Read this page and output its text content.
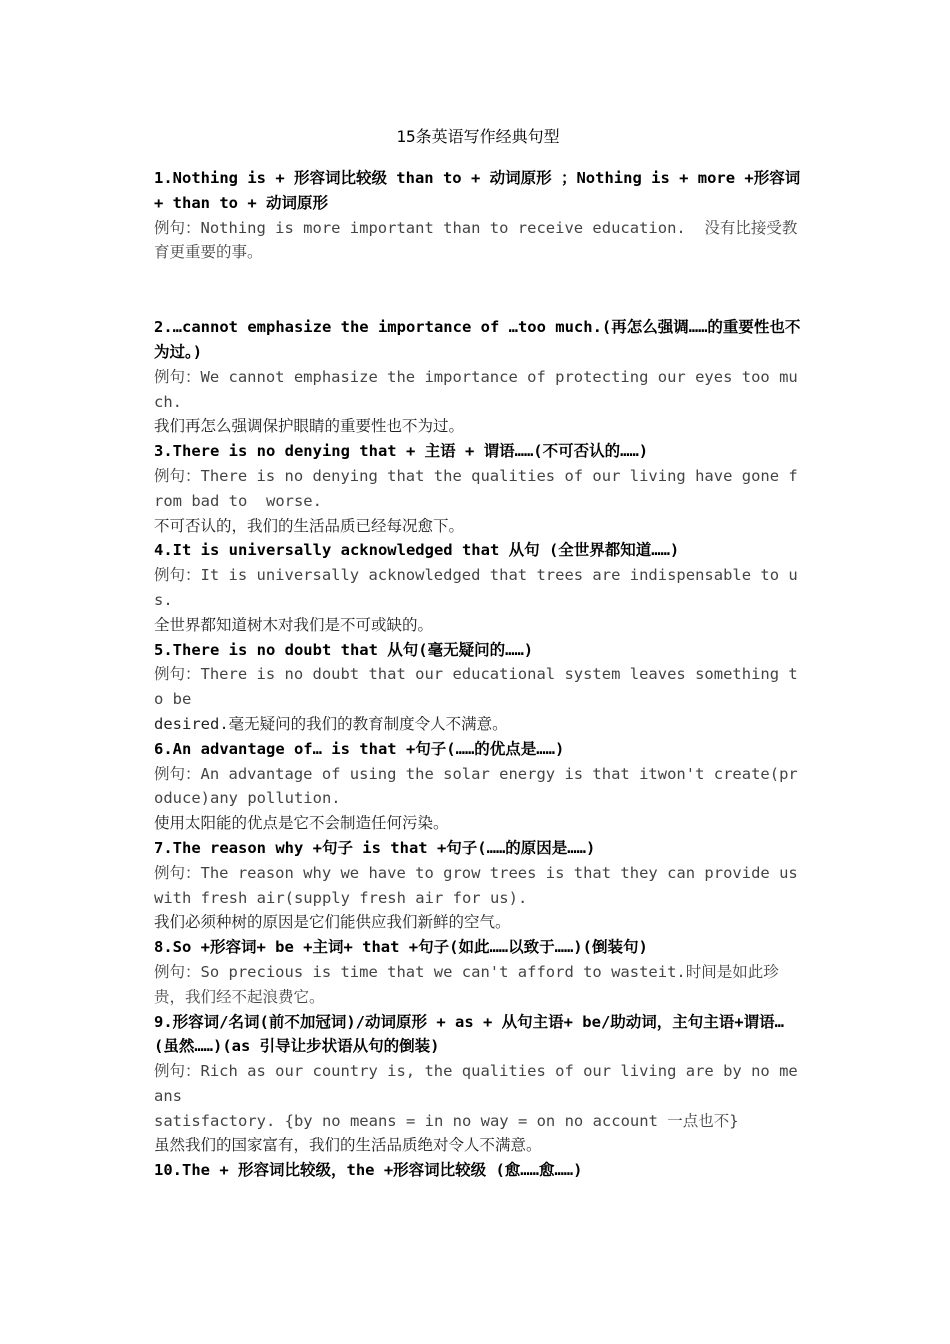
15条英语写作经典句型

1.Nothing is + 形容词比较级 than to + 动词原形 ；Nothing is + more +形容词+ than to + 动词原形

例句：Nothing is more important than to receive education.  没有比接受教育更重要的事。

2.…cannot emphasize the importance of …too much.(再怎么强调……的重要性也不为过。)

例句：We cannot emphasize the importance of protecting our eyes too much.

我们再怎么强调保护眼睛的重要性也不为过。

3.There is no denying that + 主语 + 谓语……(不可否认的……)

例句：There is no denying that the qualities of our living have gone from bad to  worse.

不可否认的，我们的生活品质已经每况愈下。

4.It is universally acknowledged that 从句 (全世界都知道……)

例句：It is universally acknowledged that trees are indispensable to us.

全世界都知道树木对我们是不可或缺的。

5.There is no doubt that 从句(毫无疑问的……)

例句：There is no doubt that our educational system leaves something to be

desired.毫无疑问的我们的教育制度令人不满意。

6.An advantage of… is that +句子(……的优点是……)

例句：An advantage of using the solar energy is that itwon't create(produce)any pollution.

使用太阳能的优点是它不会制造任何污染。

7.The reason why +句子 is that +句子(……的原因是……)

例句：The reason why we have to grow trees is that they can provide us with fresh air(supply fresh air for us).

我们必须种树的原因是它们能供应我们新鲜的空气。

8.So +形容词+ be +主词+ that +句子(如此……以致于……)(倒装句)

例句：So precious is time that we can't afford to wasteit.时间是如此珍贵，我们经不起浪费它。

9.形容词/名词(前不加冠词)/动词原形 + as + 从句主语+ be/助动词，主句主语+谓语…(虽然……)(as 引导让步状语从句的倒装)

例句：Rich as our country is, the qualities of our living are by no means

satisfactory. {by no means = in no way = on no account 一点也不}

虽然我们的国家富有，我们的生活品质绝对令人不满意。

10.The + 形容词比较级，the +形容词比较级 (愈……愈……)
